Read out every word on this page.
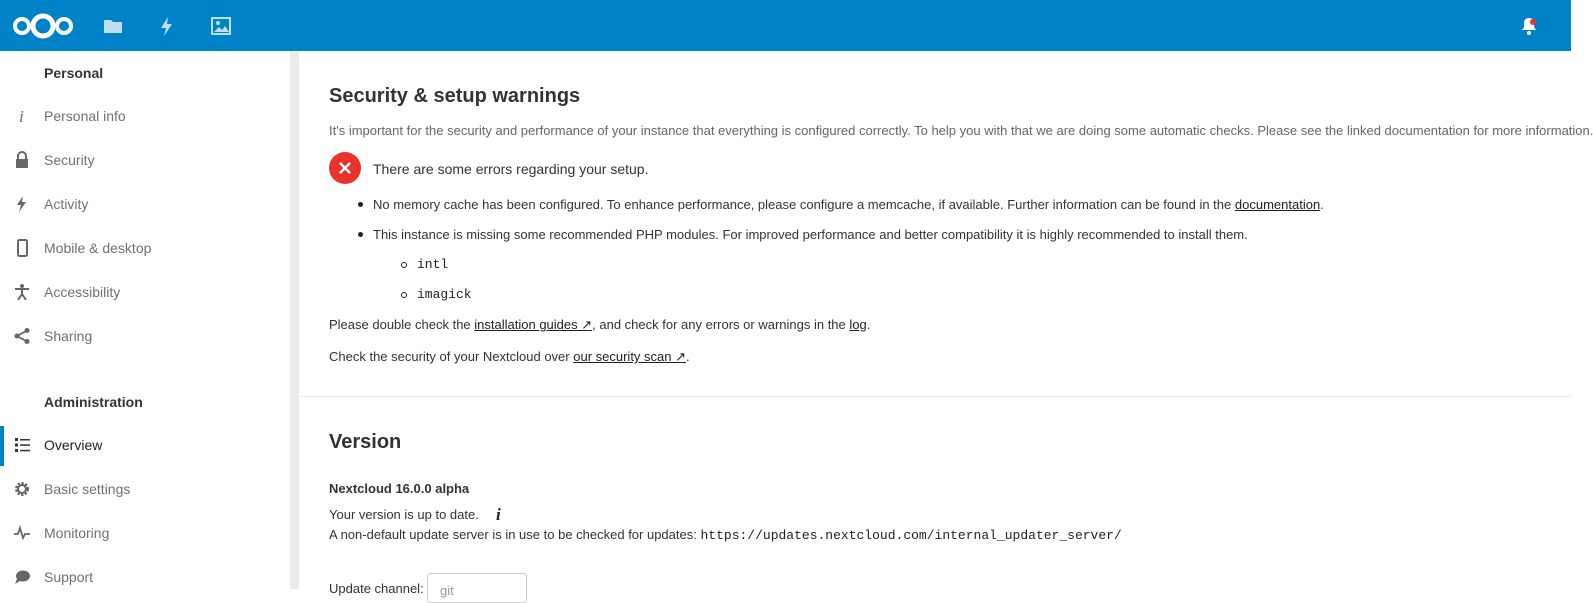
Personal
i Personal info
Security
Activity
Mobile & desktop
Accessibility
Sharing
Administration
Overview
Basic settings
Monitoring
Support
Security & setup warnings
It's important for the security and performance of your instance that everything is configured correctly. To help you with that we are doing some automatic checks. Please see the linked documentation for more information.
There are some errors regarding your setup.
No memory cache has been configured. To enhance performance, please configure a memcache, if available. Further information can be found in the documentation.
This instance is missing some recommended PHP modules. For improved performance and better compatibility it is highly recommended to install them.
intl
imagick
Please double check the installation guides ↗, and check for any errors or warnings in the log.
Check the security of your Nextcloud over our security scan ↗.
Version
Nextcloud 16.0.0 alpha
Your version is up to date. i
A non-default update server is in use to be checked for updates: https://updates.nextcloud.com/internal_updater_server/
Update channel:	git
